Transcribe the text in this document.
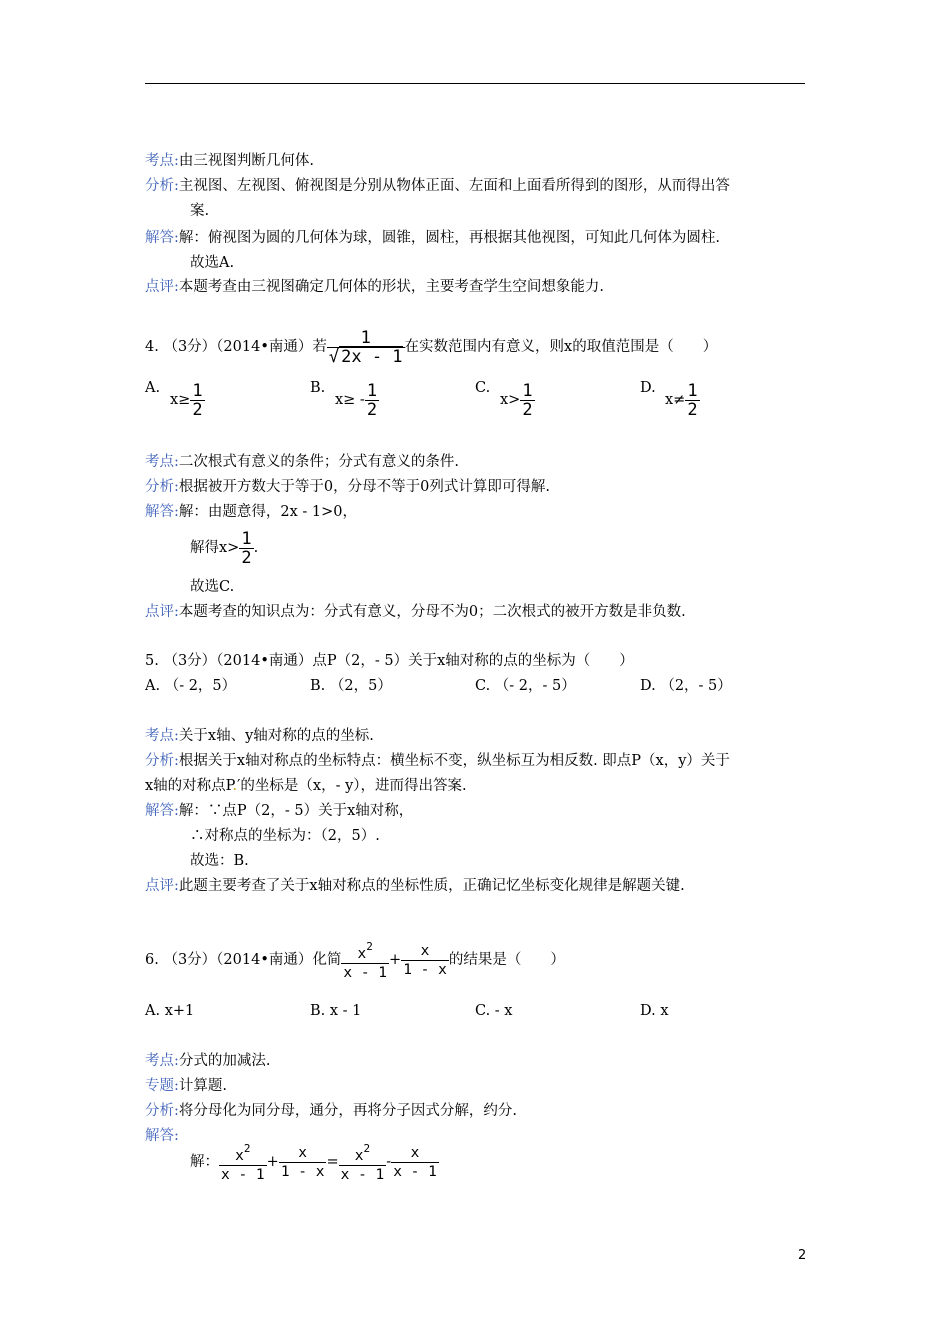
考点:由三视图判断几何体.
分析:主视图、左视图、俯视图是分别从物体正面、左面和上面看所得到的图形，从而得出答
案.
解答:解：俯视图为圆的几何体为球，圆锥，圆柱，再根据其他视图，可知此几何体为圆柱.
故选A.
点评:本题考查由三视图确定几何体的形状，主要考查学生空间想象能力.
4. （3分）（2014•南通）若 $\frac{1}{√ 2x - 1}$ 在实数范围内有意义，则x的取值范围是（　　）
A.
$x\ge \frac{1}{2}$	B.
$x\ge - \frac{1}{2}$	C.
$x> \frac{1}{2}$	D.
$x\ne \frac{1}{2}$
考点:二次根式有意义的条件；分式有意义的条件.
分析:根据被开方数大于等于0，分母不等于0列式计算即可得解.
解答:解：由题意得，2x - 1>0，
解得$x> \frac{1}{2}$ .
故选C.
点评:本题考查的知识点为：分式有意义，分母不为0；二次根式的被开方数是非负数.
5. （3分）（2014•南通）点P（2，- 5）关于x轴对称的点的坐标为（　　）
A. （- 2，5）	B. （2，5）	C. （- 2，- 5）	D. （2，- 5）
考点:关于x轴、y轴对称的点的坐标.
分析:根据关于x轴对称点的坐标特点：横坐标不变，纵坐标互为相反数. 即点P（x，y）关于
x轴的对称点P.′的坐标是（x，- y），进而得出答案.
解答:解：∵点P（2，- 5）关于x轴对称，
∴对称点的坐标为：（2，5）.
故选：B.
点评:此题主要考查了关于x轴对称点的坐标性质，正确记忆坐标变化规律是解题关键.
6. （3分）（2014•南通）化简 $\frac{x^2}{x - 1} + \frac{x}{1 - x}$ 的结果是（　　）
A. x+1	B. x - 1	C. - x	D. x
考点:分式的加减法.
专题:计算题.
分析:将分母化为同分母，通分，再将分子因式分解，约分.
解答:
解： $\frac{x^2}{x - 1} + \frac{x}{1 - x} = \frac{x^2}{x - 1} - \frac{x}{x - 1}$
2
